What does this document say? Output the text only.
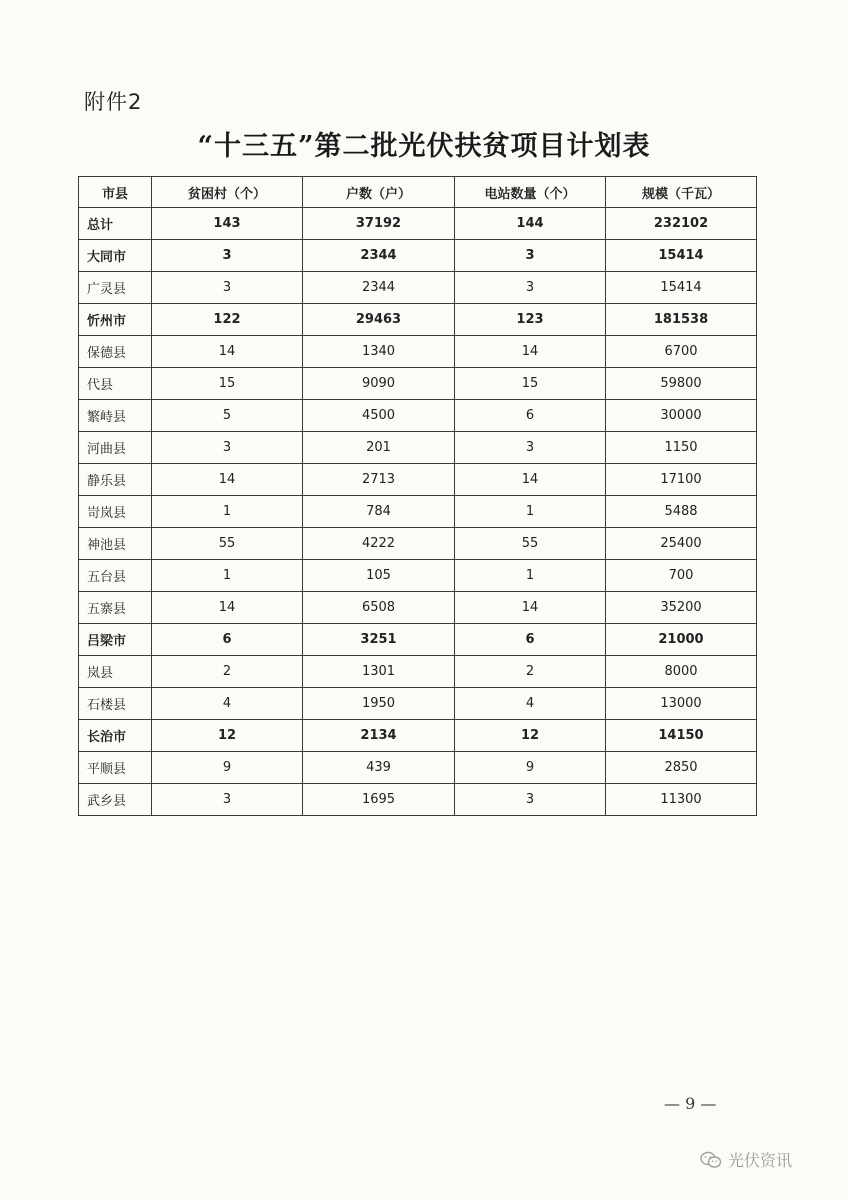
附件2
“十三五”第二批光伏扶贫项目计划表
市县	贫困村（个）	户数（户）	电站数量（个）	规模（千瓦）
总计	143	37192	144	232102
大同市	3	2344	3	15414
广灵县	3	2344	3	15414
忻州市	122	29463	123	181538
保德县	14	1340	14	6700
代县	15	9090	15	59800
繁峙县	5	4500	6	30000
河曲县	3	201	3	1150
静乐县	14	2713	14	17100
岢岚县	1	784	1	5488
神池县	55	4222	55	25400
五台县	1	105	1	700
五寨县	14	6508	14	35200
吕梁市	6	3251	6	21000
岚县	2	1301	2	8000
石楼县	4	1950	4	13000
长治市	12	2134	12	14150
平顺县	9	439	9	2850
武乡县	3	1695	3	11300
— 9 —
光伏资讯
